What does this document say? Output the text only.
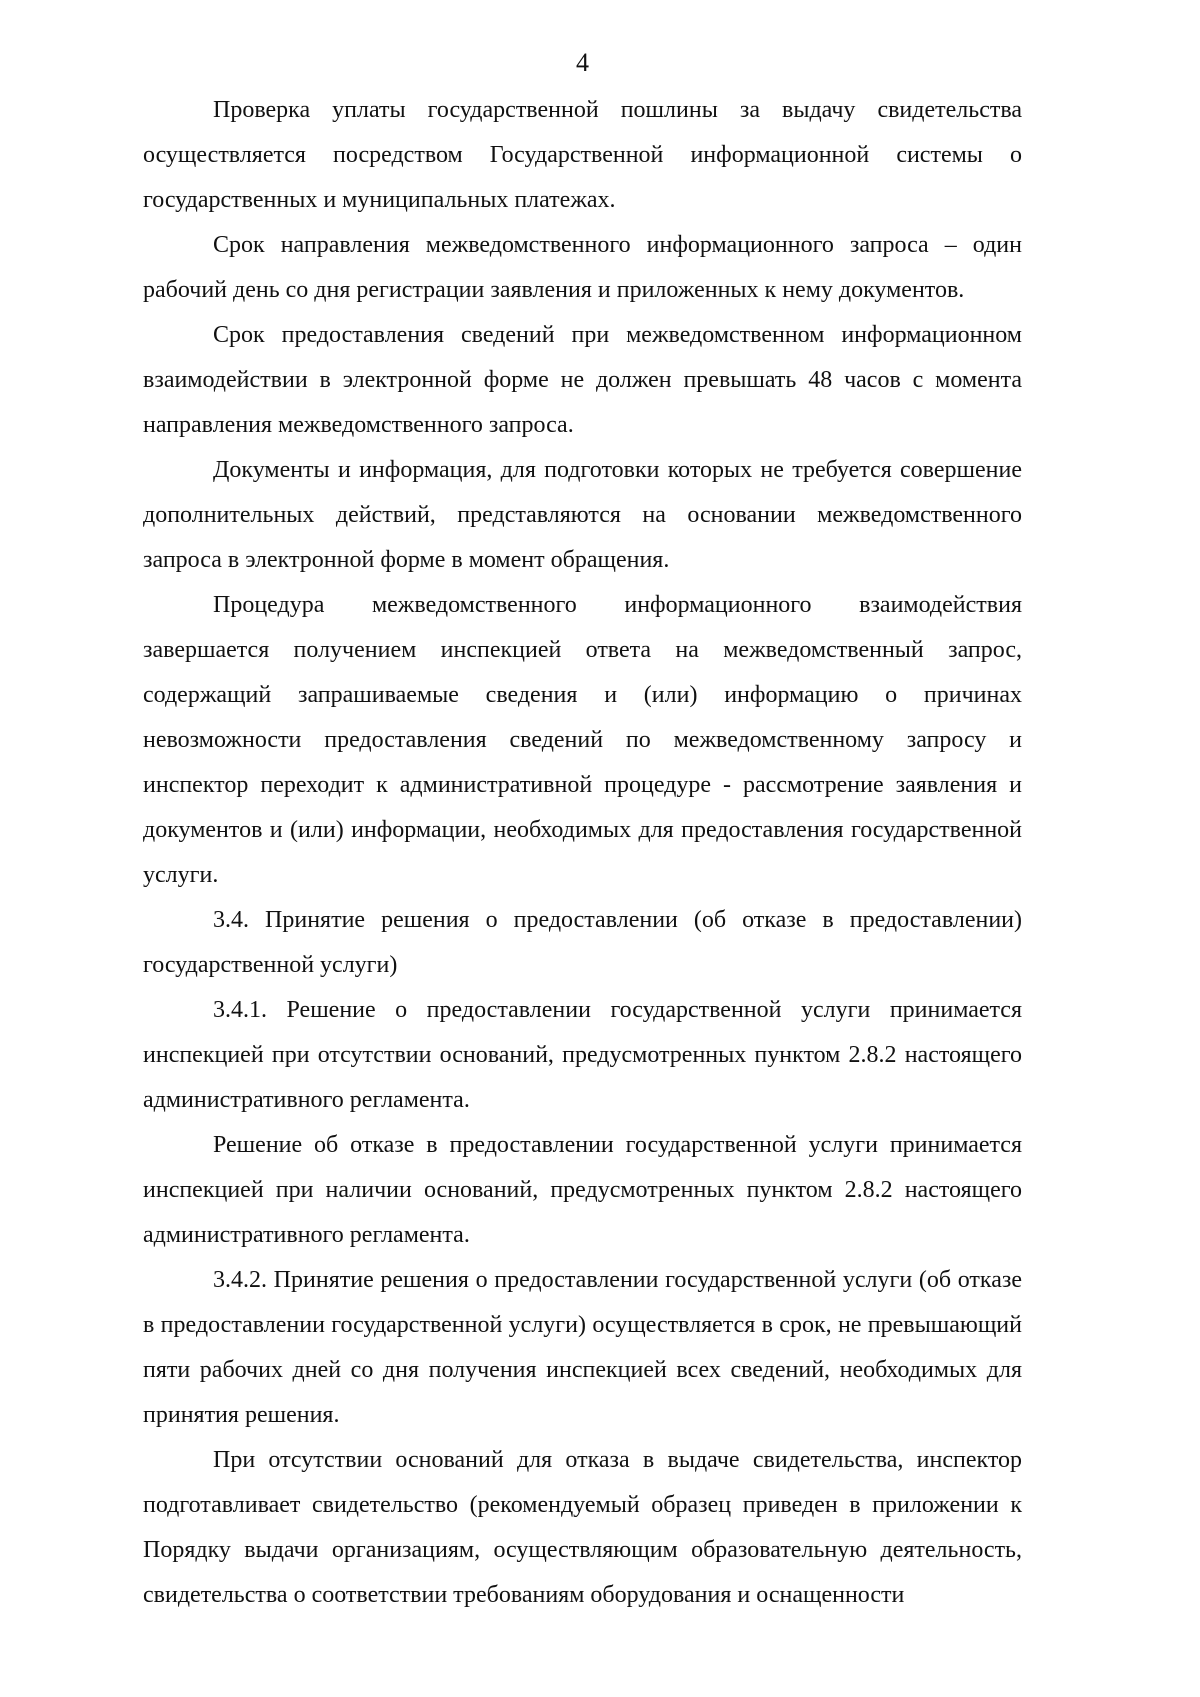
4

Проверка уплаты государственной пошлины за выдачу свидетельства осуществляется посредством Государственной информационной системы о государственных и муниципальных платежах.

Срок направления межведомственного информационного запроса – один рабочий день со дня регистрации заявления и приложенных к нему документов.

Срок предоставления сведений при межведомственном информационном взаимодействии в электронной форме не должен превышать 48 часов с момента направления межведомственного запроса.

Документы и информация, для подготовки которых не требуется совершение дополнительных действий, представляются на основании межведомственного запроса в электронной форме в момент обращения.

Процедура межведомственного информационного взаимодействия завершается получением инспекцией ответа на межведомственный запрос, содержащий запрашиваемые сведения и (или) информацию о причинах невозможности предоставления сведений по межведомственному запросу и инспектор переходит к административной процедуре - рассмотрение заявления и документов и (или) информации, необходимых для предоставления государственной услуги.

3.4. Принятие решения о предоставлении (об отказе в предоставлении) государственной услуги)

3.4.1. Решение о предоставлении государственной услуги принимается инспекцией при отсутствии оснований, предусмотренных пунктом 2.8.2 настоящего административного регламента.

Решение об отказе в предоставлении государственной услуги принимается инспекцией при наличии оснований, предусмотренных пунктом 2.8.2 настоящего административного регламента.

3.4.2. Принятие решения о предоставлении государственной услуги (об отказе в предоставлении государственной услуги) осуществляется в срок, не превышающий пяти рабочих дней со дня получения инспекцией всех сведений, необходимых для принятия решения.

При отсутствии оснований для отказа в выдаче свидетельства, инспектор подготавливает свидетельство (рекомендуемый образец приведен в приложении к Порядку выдачи организациям, осуществляющим образовательную деятельность, свидетельства о соответствии требованиям оборудования и оснащенности
